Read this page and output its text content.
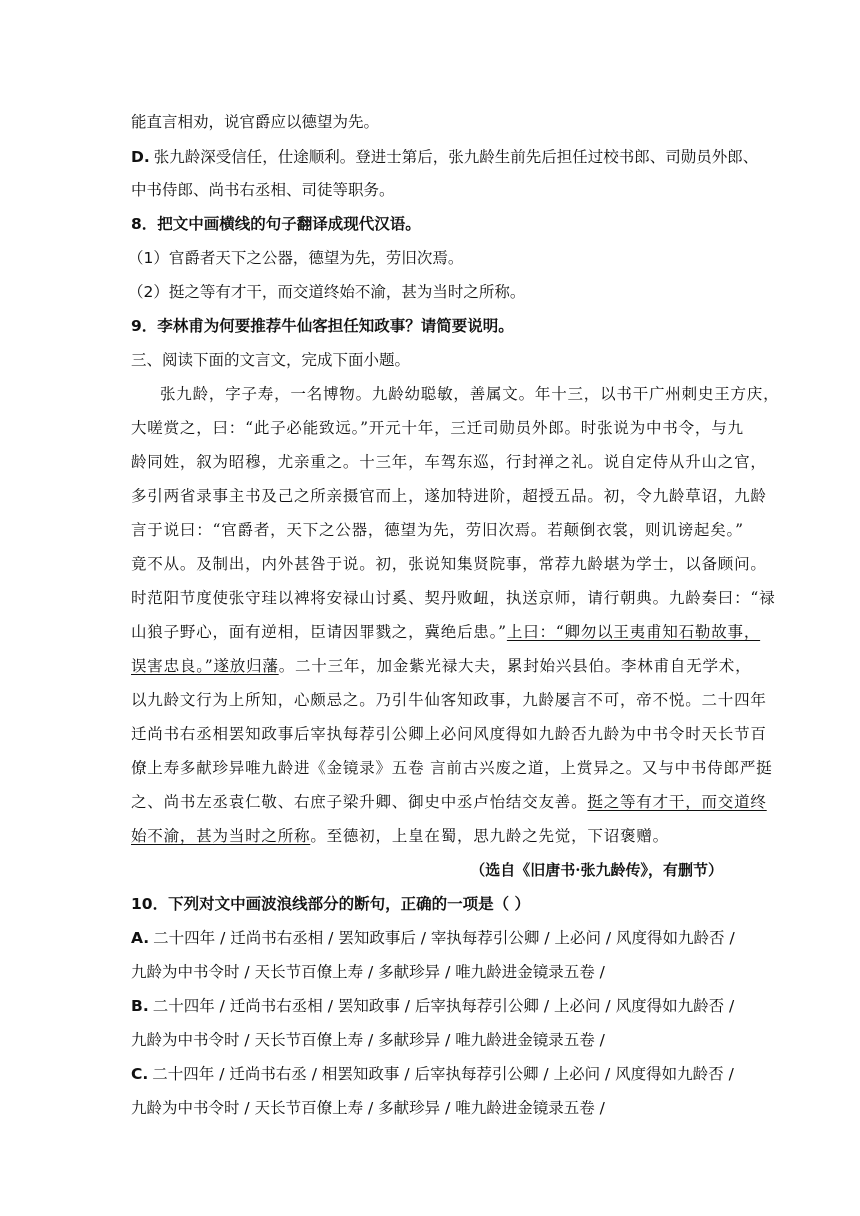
能直言相劝，说官爵应以德望为先。
D. 张九龄深受信任，仕途顺利。登进士第后，张九龄生前先后担任过校书郎、司勋员外郎、
中书侍郎、尚书右丞相、司徒等职务。
8．把文中画横线的句子翻译成现代汉语。
（1）官爵者天下之公器，德望为先，劳旧次焉。
（2）挺之等有才干，而交道终始不渝，甚为当时之所称。
9．李林甫为何要推荐牛仙客担任知政事？请简要说明。
三、阅读下面的文言文，完成下面小题。
张九龄，字子寿，一名博物。九龄幼聪敏，善属文。年十三，以书干广州刺史王方庆，
大嗟赏之，曰：“此子必能致远。”开元十年，三迁司勋员外郎。时张说为中书令，与九
龄同姓，叙为昭穆，尤亲重之。十三年，车驾东巡，行封禅之礼。说自定侍从升山之官，
多引两省录事主书及己之所亲摄官而上，遂加特进阶，超授五品。初，令九龄草诏，九龄
言于说曰：“官爵者，天下之公器，德望为先，劳旧次焉。若颠倒衣裳，则讥谤起矣。”
竟不从。及制出，内外甚咎于说。初，张说知集贤院事，常荐九龄堪为学士，以备顾问。
时范阳节度使张守珪以裨将安禄山讨奚、契丹败衄，执送京师，请行朝典。九龄奏曰：“禄
山狼子野心，面有逆相，臣请因罪戮之，冀绝后患。”上曰：“卿勿以王夷甫知石勒故事，
误害忠良。”遂放归藩。二十三年，加金紫光禄大夫，累封始兴县伯。李林甫自无学术，
以九龄文行为上所知，心颇忌之。乃引牛仙客知政事，九龄屡言不可，帝不悦。二十四年
迁尚书右丞相罢知政事后宰执每荐引公卿上必问风度得如九龄否九龄为中书令时天长节百
僚上寿多献珍异唯九龄进《金镜录》五卷 言前古兴废之道，上赏异之。又与中书侍郎严挺
之、尚书左丞袁仁敬、右庶子梁升卿、御史中丞卢怡结交友善。挺之等有才干，而交道终
始不渝，甚为当时之所称。至德初，上皇在蜀，思九龄之先觉，下诏褒赠。
（选自《旧唐书·张九龄传》，有删节）
10．下列对文中画波浪线部分的断句，正确的一项是（ ）
A. 二十四年 / 迁尚书右丞相 / 罢知政事后 / 宰执每荐引公卿 / 上必问 / 风度得如九龄否 /
九龄为中书令时 / 天长节百僚上寿 / 多献珍异 / 唯九龄进金镜录五卷 /
B. 二十四年 / 迁尚书右丞相 / 罢知政事 / 后宰执每荐引公卿 / 上必问 / 风度得如九龄否 /
九龄为中书令时 / 天长节百僚上寿 / 多献珍异 / 唯九龄进金镜录五卷 /
C. 二十四年 / 迁尚书右丞 / 相罢知政事 / 后宰执每荐引公卿 / 上必问 / 风度得如九龄否 /
九龄为中书令时 / 天长节百僚上寿 / 多献珍异 / 唯九龄进金镜录五卷 /
